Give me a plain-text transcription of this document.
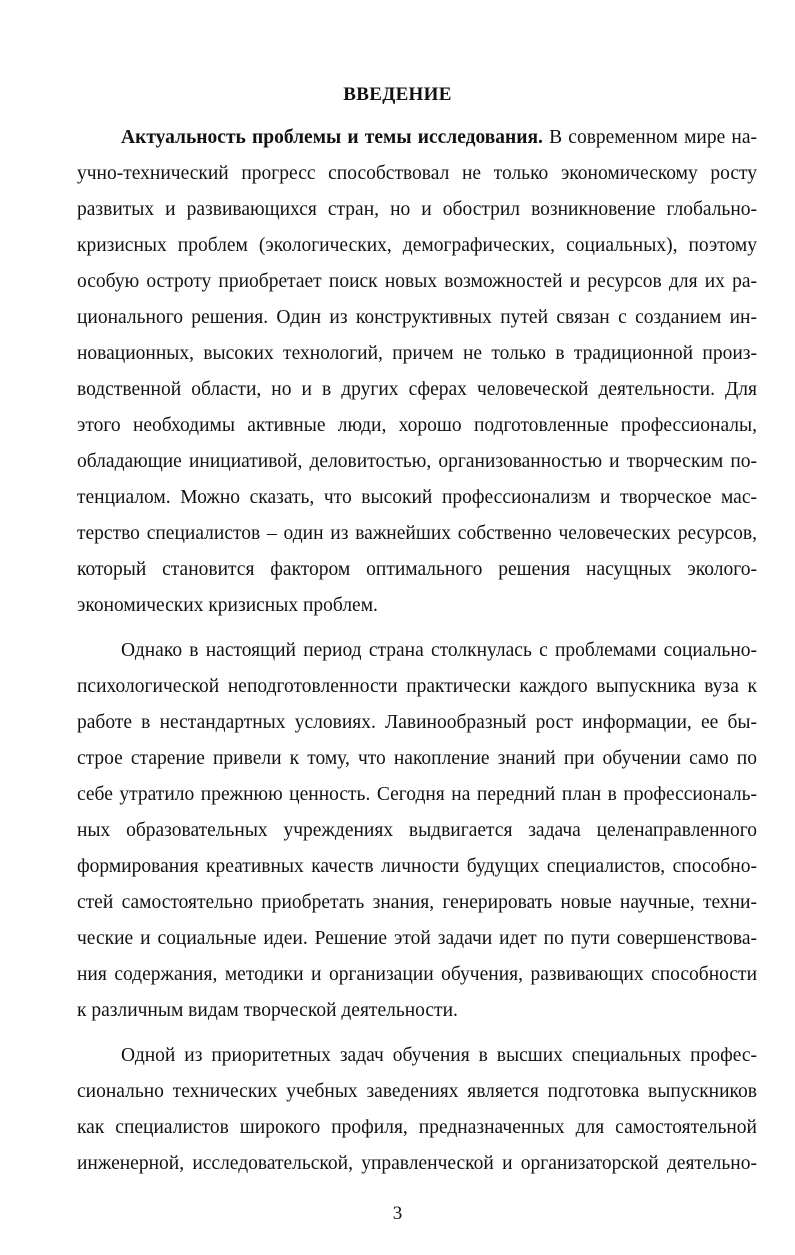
ВВЕДЕНИЕ
Актуальность проблемы и темы исследования. В современном мире на-
учно-технический прогресс способствовал не только экономическому росту
развитых и развивающихся стран, но и обострил возникновение глобально-
кризисных проблем (экологических, демографических, социальных), поэтому
особую остроту приобретает поиск новых возможностей и ресурсов для их ра-
ционального решения. Один из конструктивных путей связан с созданием ин-
новационных, высоких технологий, причем не только в традиционной произ-
водственной области, но и в других сферах человеческой деятельности. Для
этого необходимы активные люди, хорошо подготовленные профессионалы,
обладающие инициативой, деловитостью, организованностью и творческим по-
тенциалом. Можно сказать, что высокий профессионализм и творческое мас-
терство специалистов – один из важнейших собственно человеческих ресурсов,
который становится фактором оптимального решения насущных эколого-
экономических кризисных проблем.
Однако в настоящий период страна столкнулась с проблемами социально-
психологической неподготовленности практически каждого выпускника вуза к
работе в нестандартных условиях. Лавинообразный рост информации, ее бы-
строе старение привели к тому, что накопление знаний при обучении само по
себе утратило прежнюю ценность. Сегодня на передний план в профессиональ-
ных образовательных учреждениях выдвигается задача целенаправленного
формирования креативных качеств личности будущих специалистов, способно-
стей самостоятельно приобретать знания, генерировать новые научные, техни-
ческие и социальные идеи. Решение этой задачи идет по пути совершенствова-
ния содержания, методики и организации обучения, развивающих способности
к различным видам творческой деятельности.
Одной из приоритетных задач обучения в высших специальных профес-
сионально технических учебных заведениях является подготовка выпускников
как специалистов широкого профиля, предназначенных для самостоятельной
инженерной, исследовательской, управленческой и организаторской деятельно-
3
